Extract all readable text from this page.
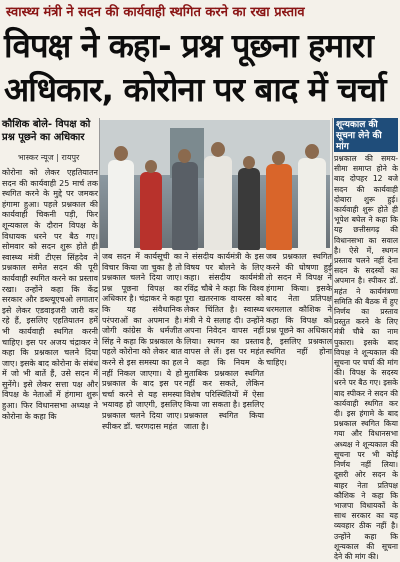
स्वास्थ्य मंत्री ने सदन की कार्यवाही स्थगित करने का रखा प्रस्ताव
विपक्ष ने कहा- प्रश्न पूछना हमारा
अधिकार, कोरोना पर बाद में चर्चा
कौशिक बोले- विपक्ष को प्रश्न पूछने का अधिकार
भास्कर न्यूज | रायपुर
कोरोना को लेकर एहतियातन सदन की कार्यवाही 25 मार्च तक स्थगित करने के मुद्दे पर जमकर हंगामा हुआ। पहले प्रश्नकाल की कार्यवाही चिकनी पड़ी, फिर शून्यकाल के दौरान विपक्ष के विधायक धरने पर बैठ गए। सोमवार को सदन शुरू होते ही स्वास्थ्य मंत्री टीएस सिंहदेव ने प्रश्नकाल समेत सदन की पूरी कार्यवाही स्थगित करने का प्रस्ताव रखा। उन्होंने कहा कि केंद्र सरकार और डब्ल्यूएचओ लगातार इसे लेकर एडवाइजरी जारी कर रहे हैं, इसलिए एहतियातन हमें भी कार्यवाही स्थगित करनी चाहिए। इस पर अजय चंद्राकर ने कहा कि प्रश्नकाल चलने दिया जाए। इसके बाद कोरोना के संबंध में जो भी बातें हैं, उसे सदन में सुनेंगे। इसे लेकर सत्ता पक्ष और विपक्ष के नेताओं में हंगामा शुरू हुआ। फिर विधानसभा अध्यक्ष ने कोरोना के कहा कि
जब सदन में कार्यसूची का विचार किया जा चुका है तो प्रश्नकाल चलने दिया जाए। प्रश्न पूछना विपक्ष का अधिकार है। चंद्राकर ने कहा कि यह संवैधानिक परंपराओं का अपमान है। जोगी कांग्रेस के धर्मजीत सिंह ने कहा कि प्रश्नकाल के पहले कोरोना को लेकर बात करने से इस समस्या का हल नहीं निकल जाएगा। ये हो प्रश्नकाल के बाद इस पर चर्चा करने से यह समस्या भयावह हो जाएगी, इसलिए प्रश्नकाल चलने दिया जाए। स्पीकर डॉ. चरणदास महंत
ने संसदीय कार्यमंत्री के इस विषय पर बोलने के लिए कहा। संसदीय कार्यमंत्री रविंद्र चौबे ने कहा कि विश्व पूरा खतरनाक वायरस को लेकर चिंतित है। स्वास्थ्य मंत्री ने ये सलाह दी। उन्होंने अपना निवेदन वापस नहीं लिया। स्थगन का प्रस्ताव वापस ले लें। इस पर महंत ने कहा कि नियम के मुताबिक प्रश्नकाल स्थगित नहीं कर सकते, लेकिन विशेष परिस्थितियों में ऐसा किया जा सकता है। इसलिए प्रश्नकाल स्थगित किया जाता है।
जब प्रश्नकाल स्थगित करने की घोषणा हुई तो सदन में विपक्ष ने हंगामा किया। इसके बाद नेता प्रतिपक्ष धरमलाल कौशिक ने कहा कि विपक्ष को प्रश्न पूछने का अधिकार है, इसलिए प्रश्नकाल स्थगित नहीं होना चाहिए।
शून्यकाल की सूचना लेने की मांग
प्रश्नकाल की समय-सीमा समाप्त होने के बाद दोपहर 12 बजे सदन की कार्यवाही दोबारा शुरू हुई। कार्यवाही शुरू होते ही भूपेश बघेल ने कहा कि यह छत्तीसगढ़ की विधानसभा का सवाल है। ऐसे में, स्थगन प्रस्ताव चलने नहीं देना सदन के सदस्यों का अपमान है। स्पीकर डॉ. महंत ने कार्यमंत्रणा समिति की बैठक में हुए निर्णय का प्रस्ताव प्रस्तुत करने के लिए मंत्री चौबे का नाम पुकारा। इसके बाद विपक्ष ने शून्यकाल की सूचना पर चर्चा की मांग की। विपक्ष के सदस्य धरने पर बैठ गए। इसके बाद स्पीकर ने सदन की कार्यवाही स्थगित कर दी। इस हंगामे के बाद प्रश्नकाल स्थगित किया गया और विधानसभा अध्यक्ष ने शून्यकाल की सूचना पर भी कोई निर्णय नहीं लिया। दूसरी ओर सदन के बाहर नेता प्रतिपक्ष कौशिक ने कहा कि भाजपा विधायकों के साथ सरकार का यह व्यवहार ठीक नहीं है। उन्होंने कहा कि शून्यकाल की सूचना देने की मांग की।
